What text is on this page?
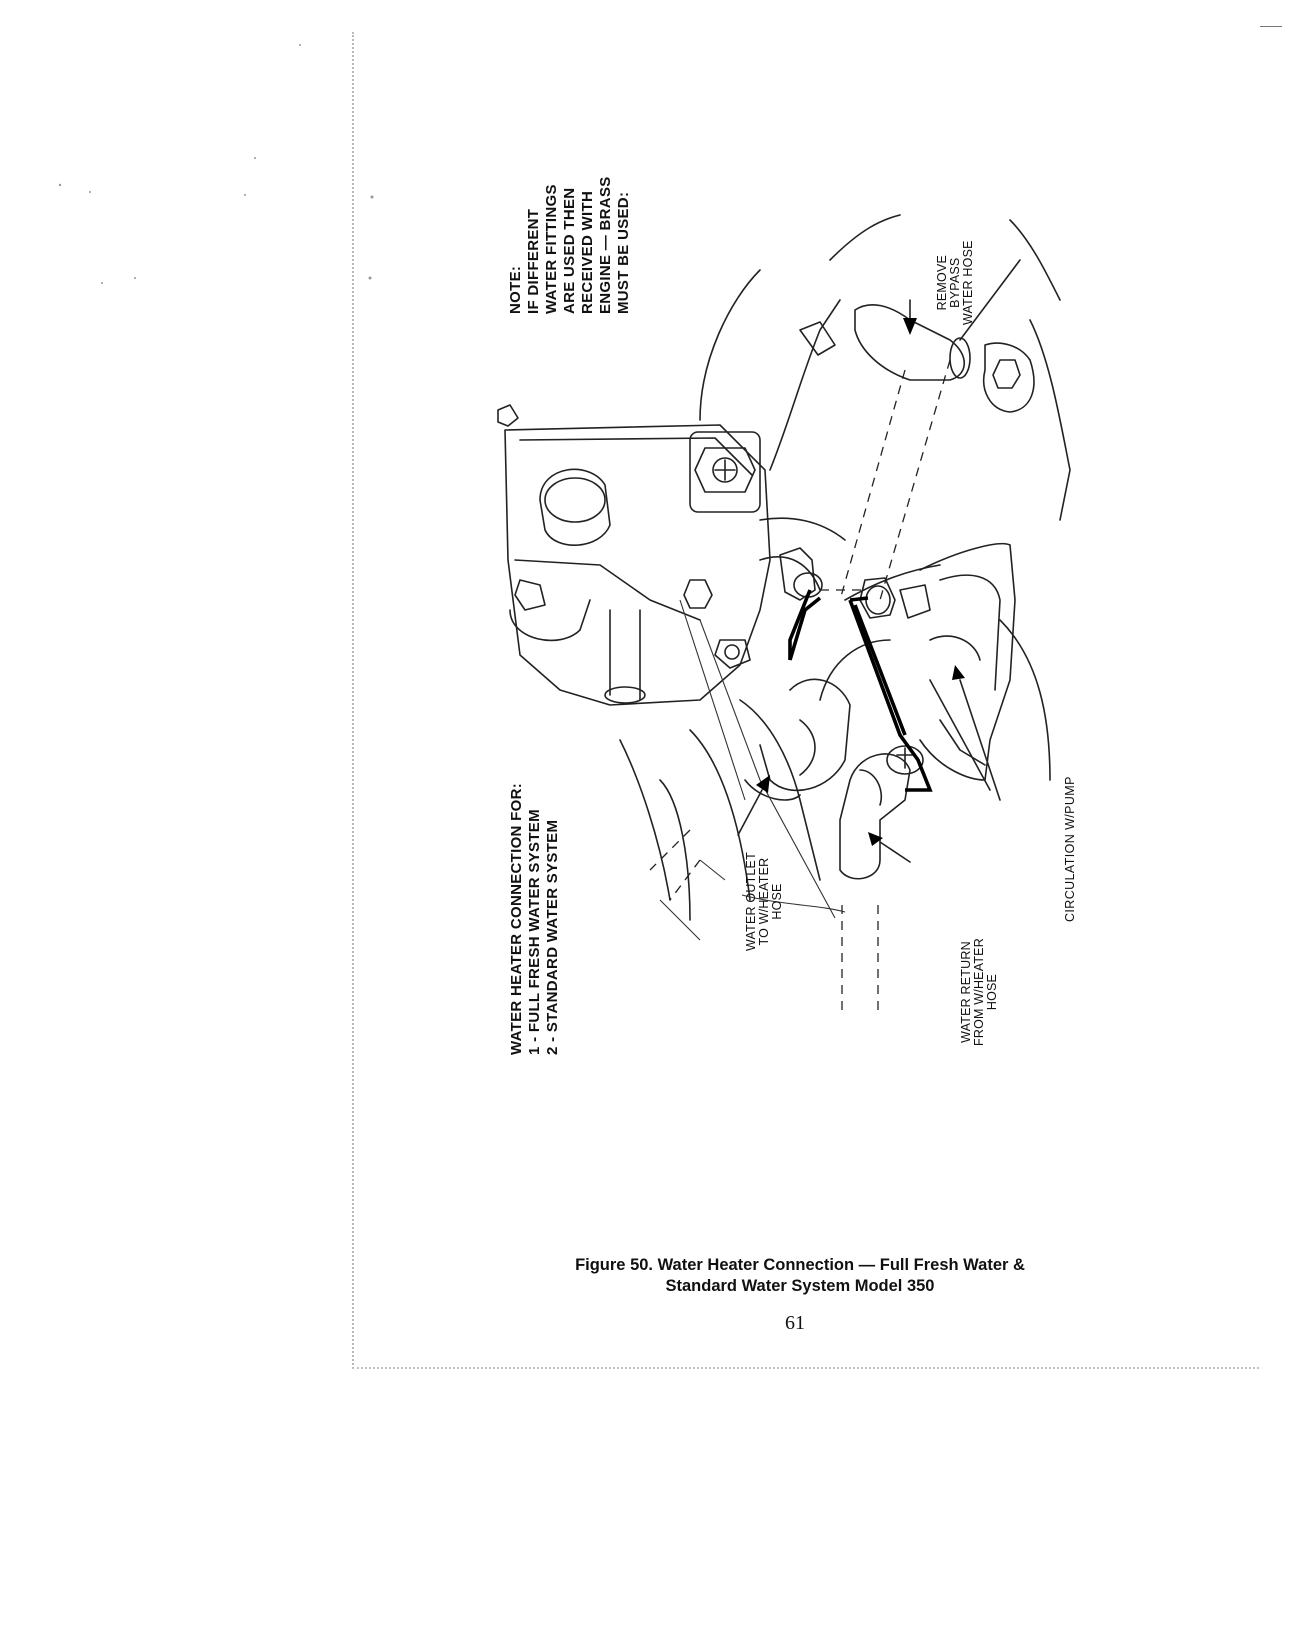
NOTE: IF DIFFERENT WATER FITTINGS ARE USED THEN RECEIVED WITH ENGINE — BRASS MUST BE USED:
WATER HEATER CONNECTION FOR: 1 - FULL FRESH WATER SYSTEM 2 - STANDARD WATER SYSTEM
REMOVE BYPASS WATER HOSE
WATER OUTLET TO W/HEATER HOSE
WATER RETURN FROM W/HEATER HOSE
CIRCULATION W/PUMP
Figure 50. Water Heater Connection — Full Fresh Water &
Standard Water System Model 350
61
